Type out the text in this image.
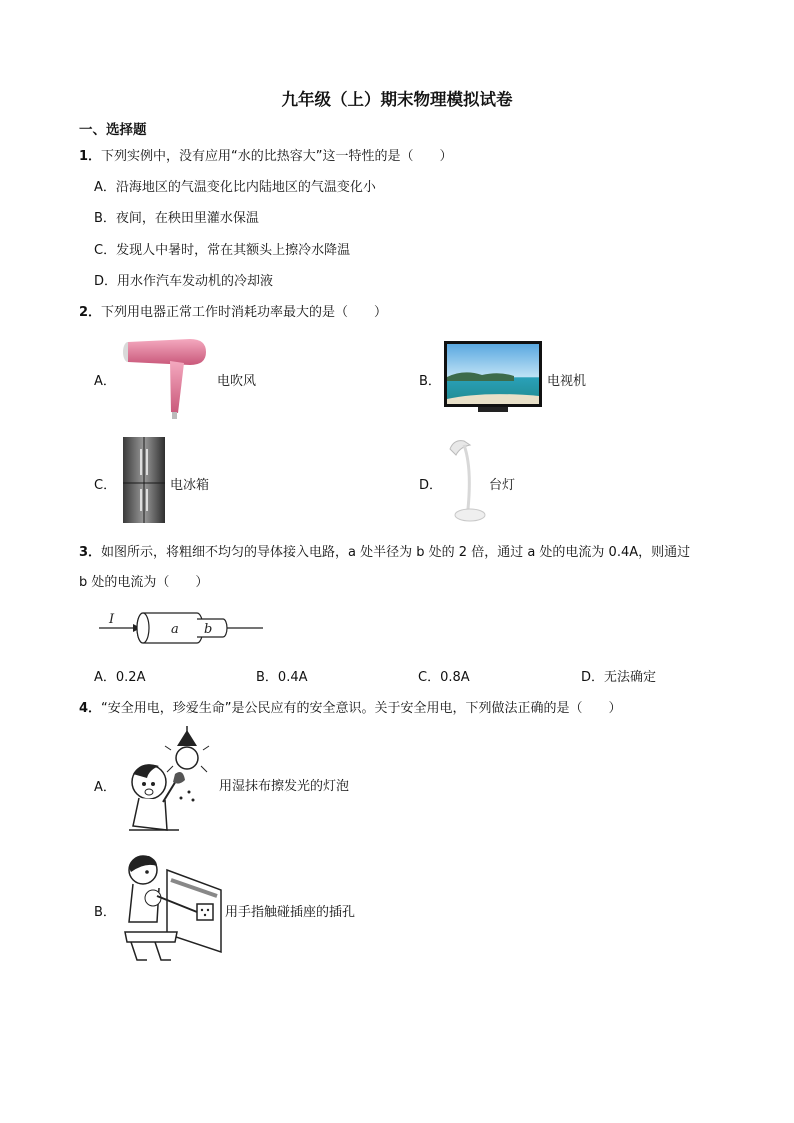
九年级（上）期末物理模拟试卷
一、选择题
1．下列实例中，没有应用“水的比热容大”这一特性的是（　　）
A．沿海地区的气温变化比内陆地区的气温变化小
B．夜间，在秧田里灌水保温
C．发现人中暑时，常在其额头上擦冷水降温
D．用水作汽车发动机的冷却液
2．下列用电器正常工作时消耗功率最大的是（　　）
A．	电吹风	B．	电视机
C．	电冰箱	D．	台灯
3．如图所示，将粗细不均匀的导体接入电路，a 处半径为 b 处的 2 倍，通过 a 处的电流为 0.4A，则通过
b 处的电流为（　　）
I
a b
A．0.2A	B．0.4A	C．0.8A	D．无法确定
4．“安全用电，珍爱生命”是公民应有的安全意识。关于安全用电，下列做法正确的是（　　）
A．	用湿抹布擦发光的灯泡
B．	用手指触碰插座的插孔
